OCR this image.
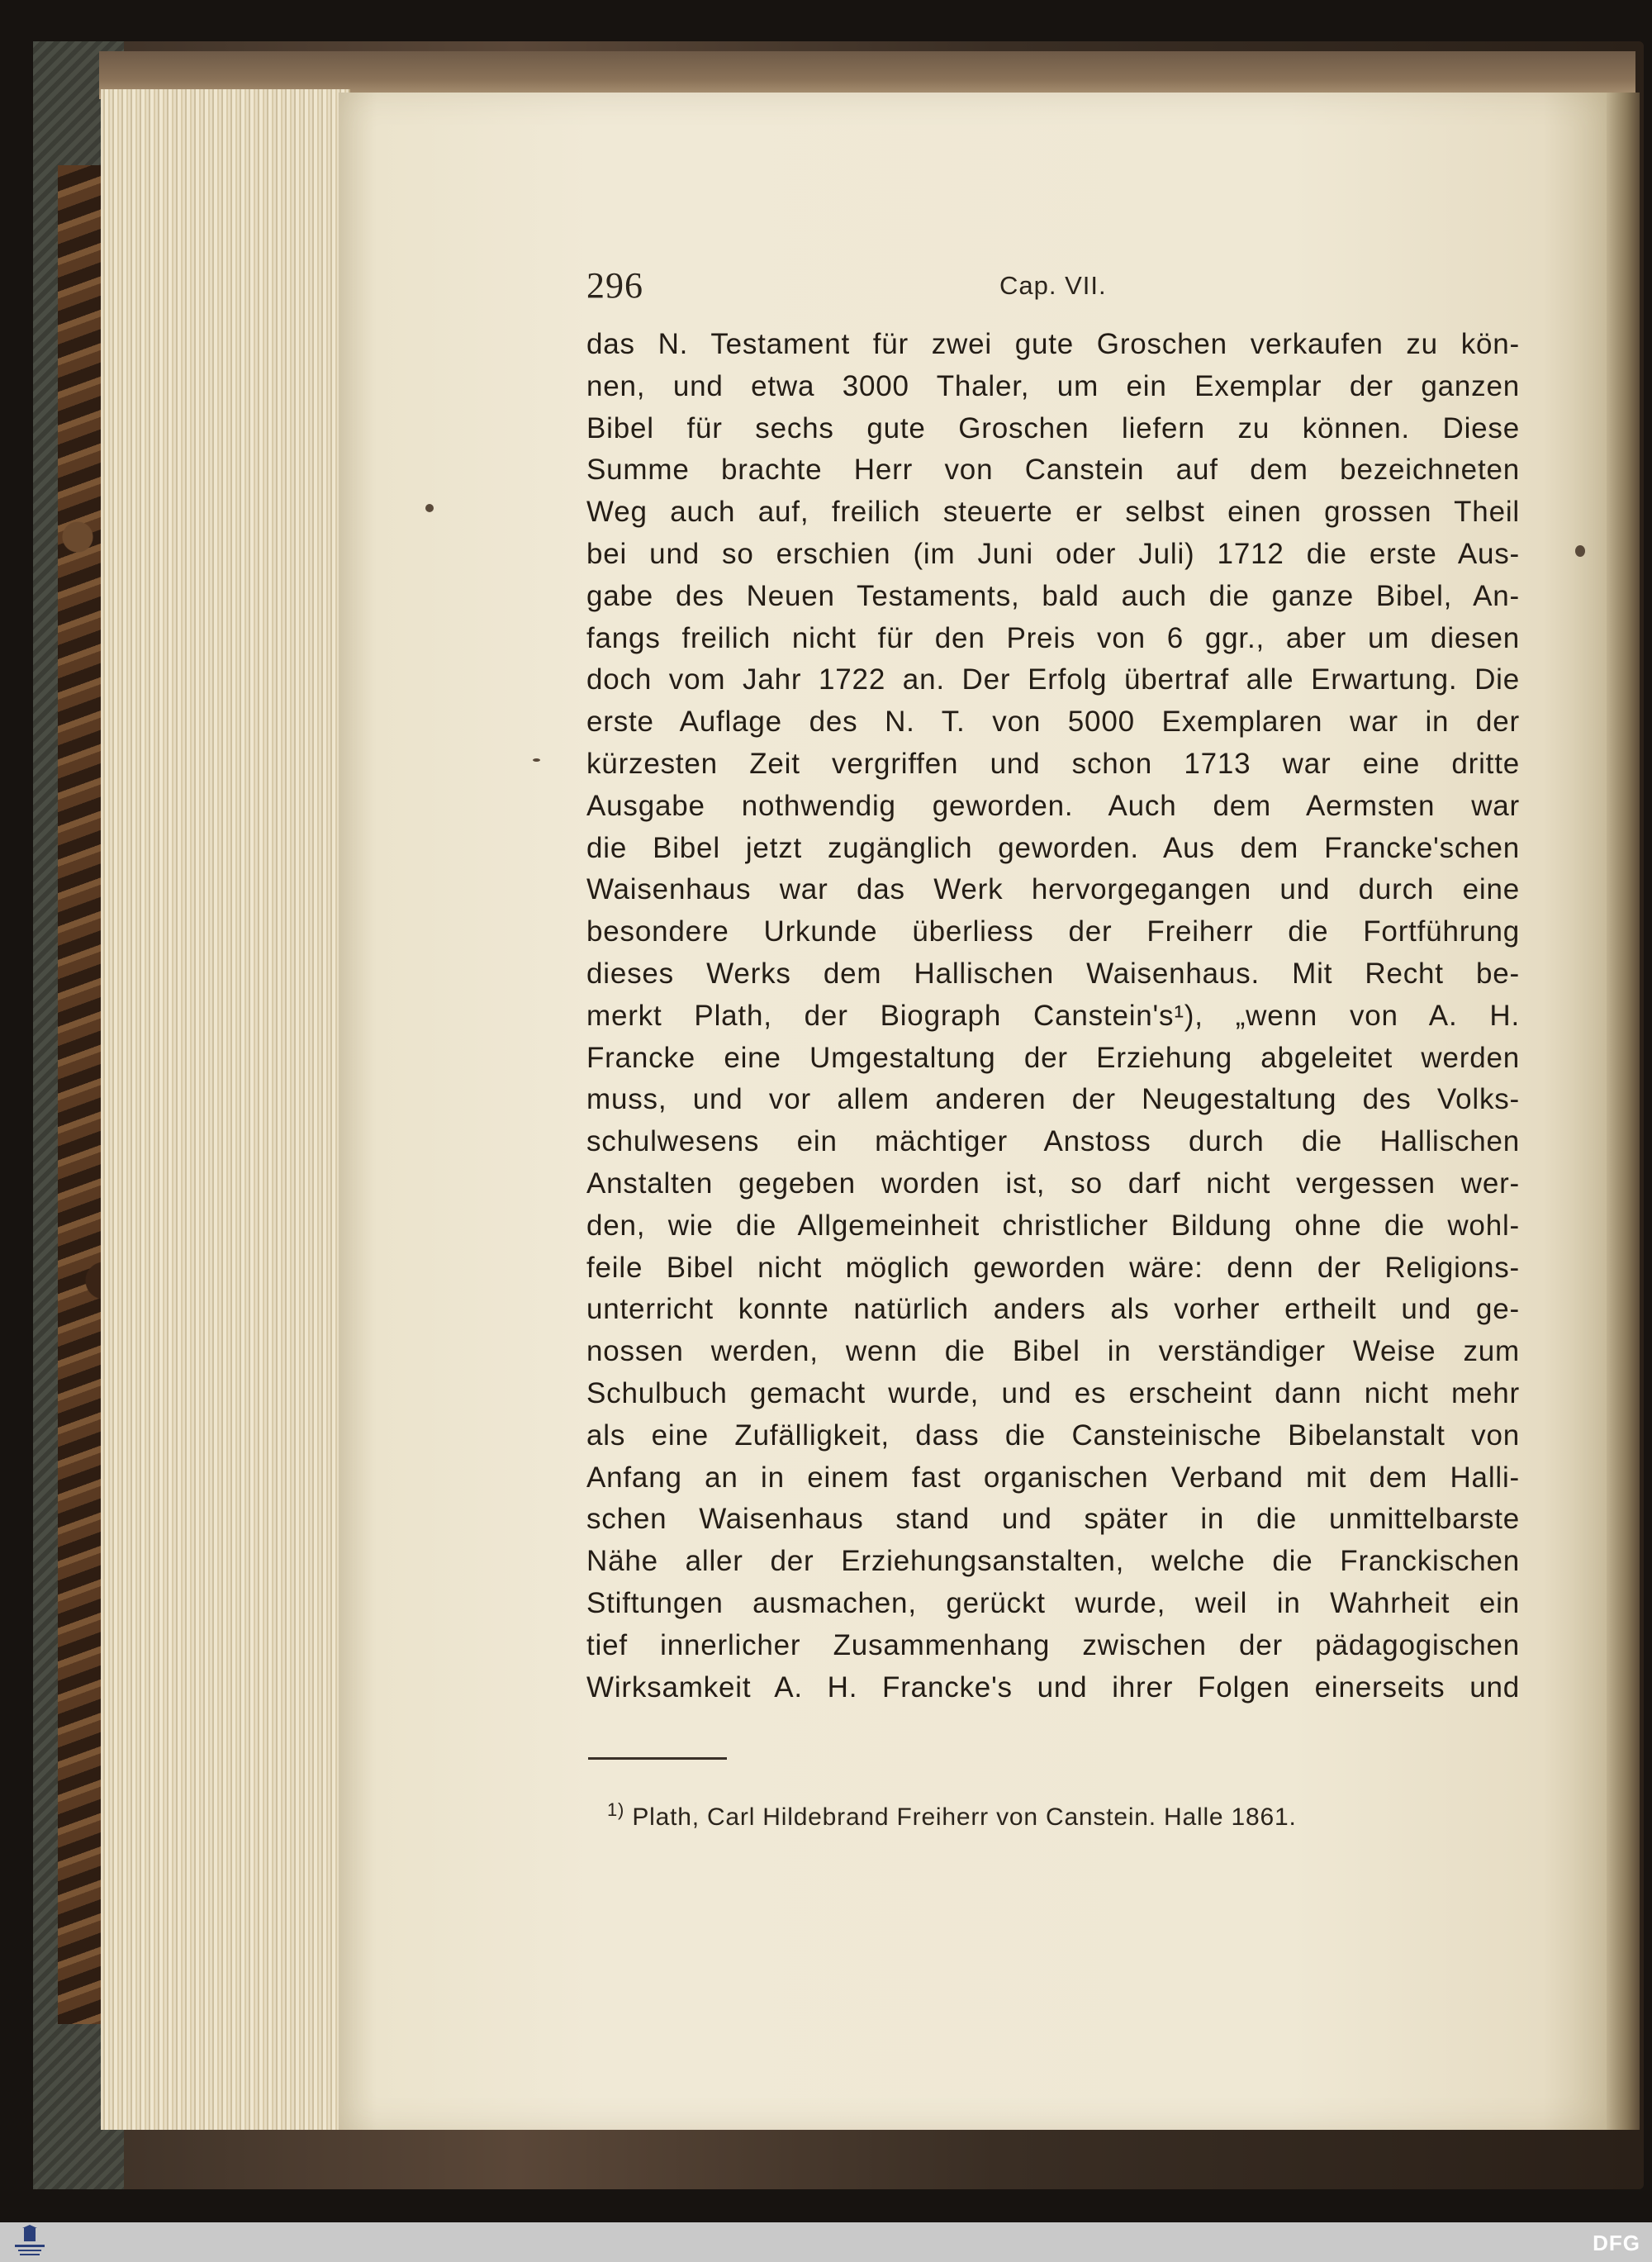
296	Cap. VII.
das N. Testament für zwei gute Groschen verkaufen zu kön-
nen, und etwa 3000 Thaler, um ein Exemplar der ganzen
Bibel für sechs gute Groschen liefern zu können. Diese
Summe brachte Herr von Canstein auf dem bezeichneten
Weg auch auf, freilich steuerte er selbst einen grossen Theil
bei und so erschien (im Juni oder Juli) 1712 die erste Aus-
gabe des Neuen Testaments, bald auch die ganze Bibel, An-
fangs freilich nicht für den Preis von 6 ggr., aber um diesen
doch vom Jahr 1722 an. Der Erfolg übertraf alle Erwartung. Die
erste Auflage des N. T. von 5000 Exemplaren war in der
kürzesten Zeit vergriffen und schon 1713 war eine dritte
Ausgabe nothwendig geworden. Auch dem Aermsten war
die Bibel jetzt zugänglich geworden. Aus dem Francke'schen
Waisenhaus war das Werk hervorgegangen und durch eine
besondere Urkunde überliess der Freiherr die Fortführung
dieses Werks dem Hallischen Waisenhaus. Mit Recht be-
merkt Plath, der Biograph Canstein's¹), „wenn von A. H.
Francke eine Umgestaltung der Erziehung abgeleitet werden
muss, und vor allem anderen der Neugestaltung des Volks-
schulwesens ein mächtiger Anstoss durch die Hallischen
Anstalten gegeben worden ist, so darf nicht vergessen wer-
den, wie die Allgemeinheit christlicher Bildung ohne die wohl-
feile Bibel nicht möglich geworden wäre: denn der Religions-
unterricht konnte natürlich anders als vorher ertheilt und ge-
nossen werden, wenn die Bibel in verständiger Weise zum
Schulbuch gemacht wurde, und es erscheint dann nicht mehr
als eine Zufälligkeit, dass die Cansteinische Bibelanstalt von
Anfang an in einem fast organischen Verband mit dem Halli-
schen Waisenhaus stand und später in die unmittelbarste
Nähe aller der Erziehungsanstalten, welche die Franckischen
Stiftungen ausmachen, gerückt wurde, weil in Wahrheit ein
tief innerlicher Zusammenhang zwischen der pädagogischen
Wirksamkeit A. H. Francke's und ihrer Folgen einerseits und
$^{1)}$ Plath, Carl Hildebrand Freiherr von Canstein. Halle 1861.
DFG
